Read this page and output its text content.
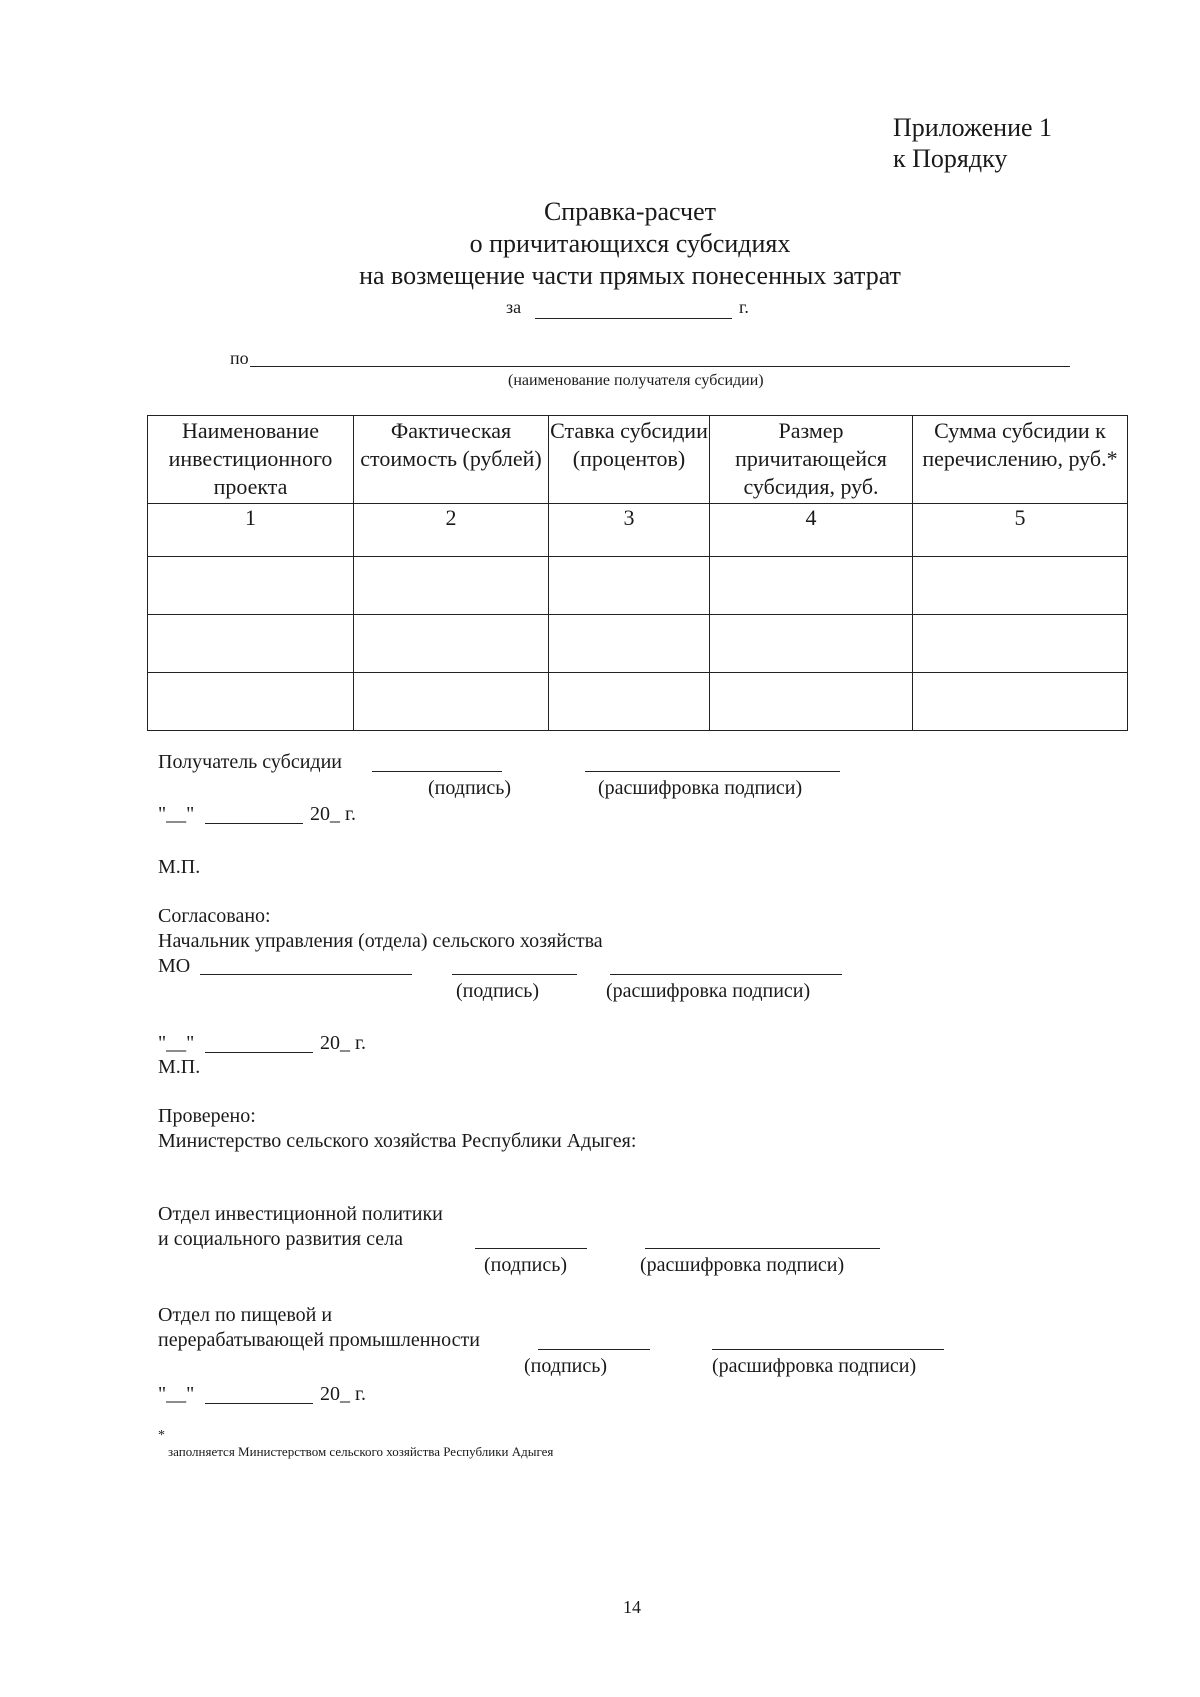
Приложение 1
к Порядку
Справка-расчет
о причитающихся субсидиях
на возмещение части прямых понесенных затрат
за	г.
по
(наименование получателя субсидии)
Наименование инвестиционного проекта	Фактическая стоимость (рублей)	Ставка субсидии (процентов)	Размер причитающейся субсидия, руб.	Сумма субсидии к перечислению, руб.*
1	2	3	4	5

Получатель субсидии
(подпись)	(расшифровка подписи)
"__"	20_ г.
М.П.
Согласовано:
Начальник управления (отдела) сельского хозяйства
МО
(подпись)	(расшифровка подписи)
"__"	20_ г.
М.П.
Проверено:
Министерство сельского хозяйства Республики Адыгея:
Отдел инвестиционной политики
и социального развития села
(подпись)	(расшифровка подписи)
Отдел по пищевой и
перерабатывающей промышленности
(подпись)	(расшифровка подписи)
"__"	20_ г.
*
заполняется Министерством сельского хозяйства Республики Адыгея
14
